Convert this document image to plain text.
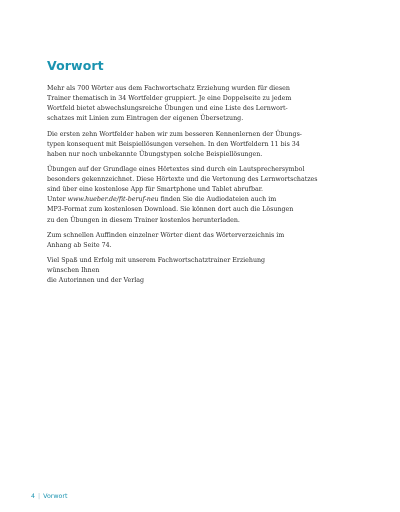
Vorwort

Mehr als 700 Wörter aus dem Fachwortschatz Erziehung wurden für diesen
Trainer thematisch in 34 Wortfelder gruppiert. Je eine Doppelseite zu jedem
Wortfeld bietet abwechslungsreiche Übungen und eine Liste des Lernwort-
schatzes mit Linien zum Eintragen der eigenen Übersetzung.

Die ersten zehn Wortfelder haben wir zum besseren Kennenlernen der Übungs-
typen konsequent mit Beispiellösungen versehen. In den Wortfeldern 11 bis 34
haben nur noch unbekannte Übungstypen solche Beispiellösungen.

Übungen auf der Grundlage eines Hörtextes sind durch ein Lautsprechersymbol
besonders gekennzeichnet. Diese Hörtexte und die Vertonung des Lernwortschatzes
sind über eine kostenlose App für Smartphone und Tablet abrufbar.
Unter www.hueber.de/fit-beruf-neu finden Sie die Audiodateien auch im
MP3-Format zum kostenlosen Download. Sie können dort auch die Lösungen
zu den Übungen in diesem Trainer kostenlos herunterladen.

Zum schnellen Auffinden einzelner Wörter dient das Wörterverzeichnis im
Anhang ab Seite 74.

Viel Spaß und Erfolg mit unserem Fachwortschatztrainer Erziehung
wünschen Ihnen
die Autorinnen und der Verlag

4 | Vorwort
